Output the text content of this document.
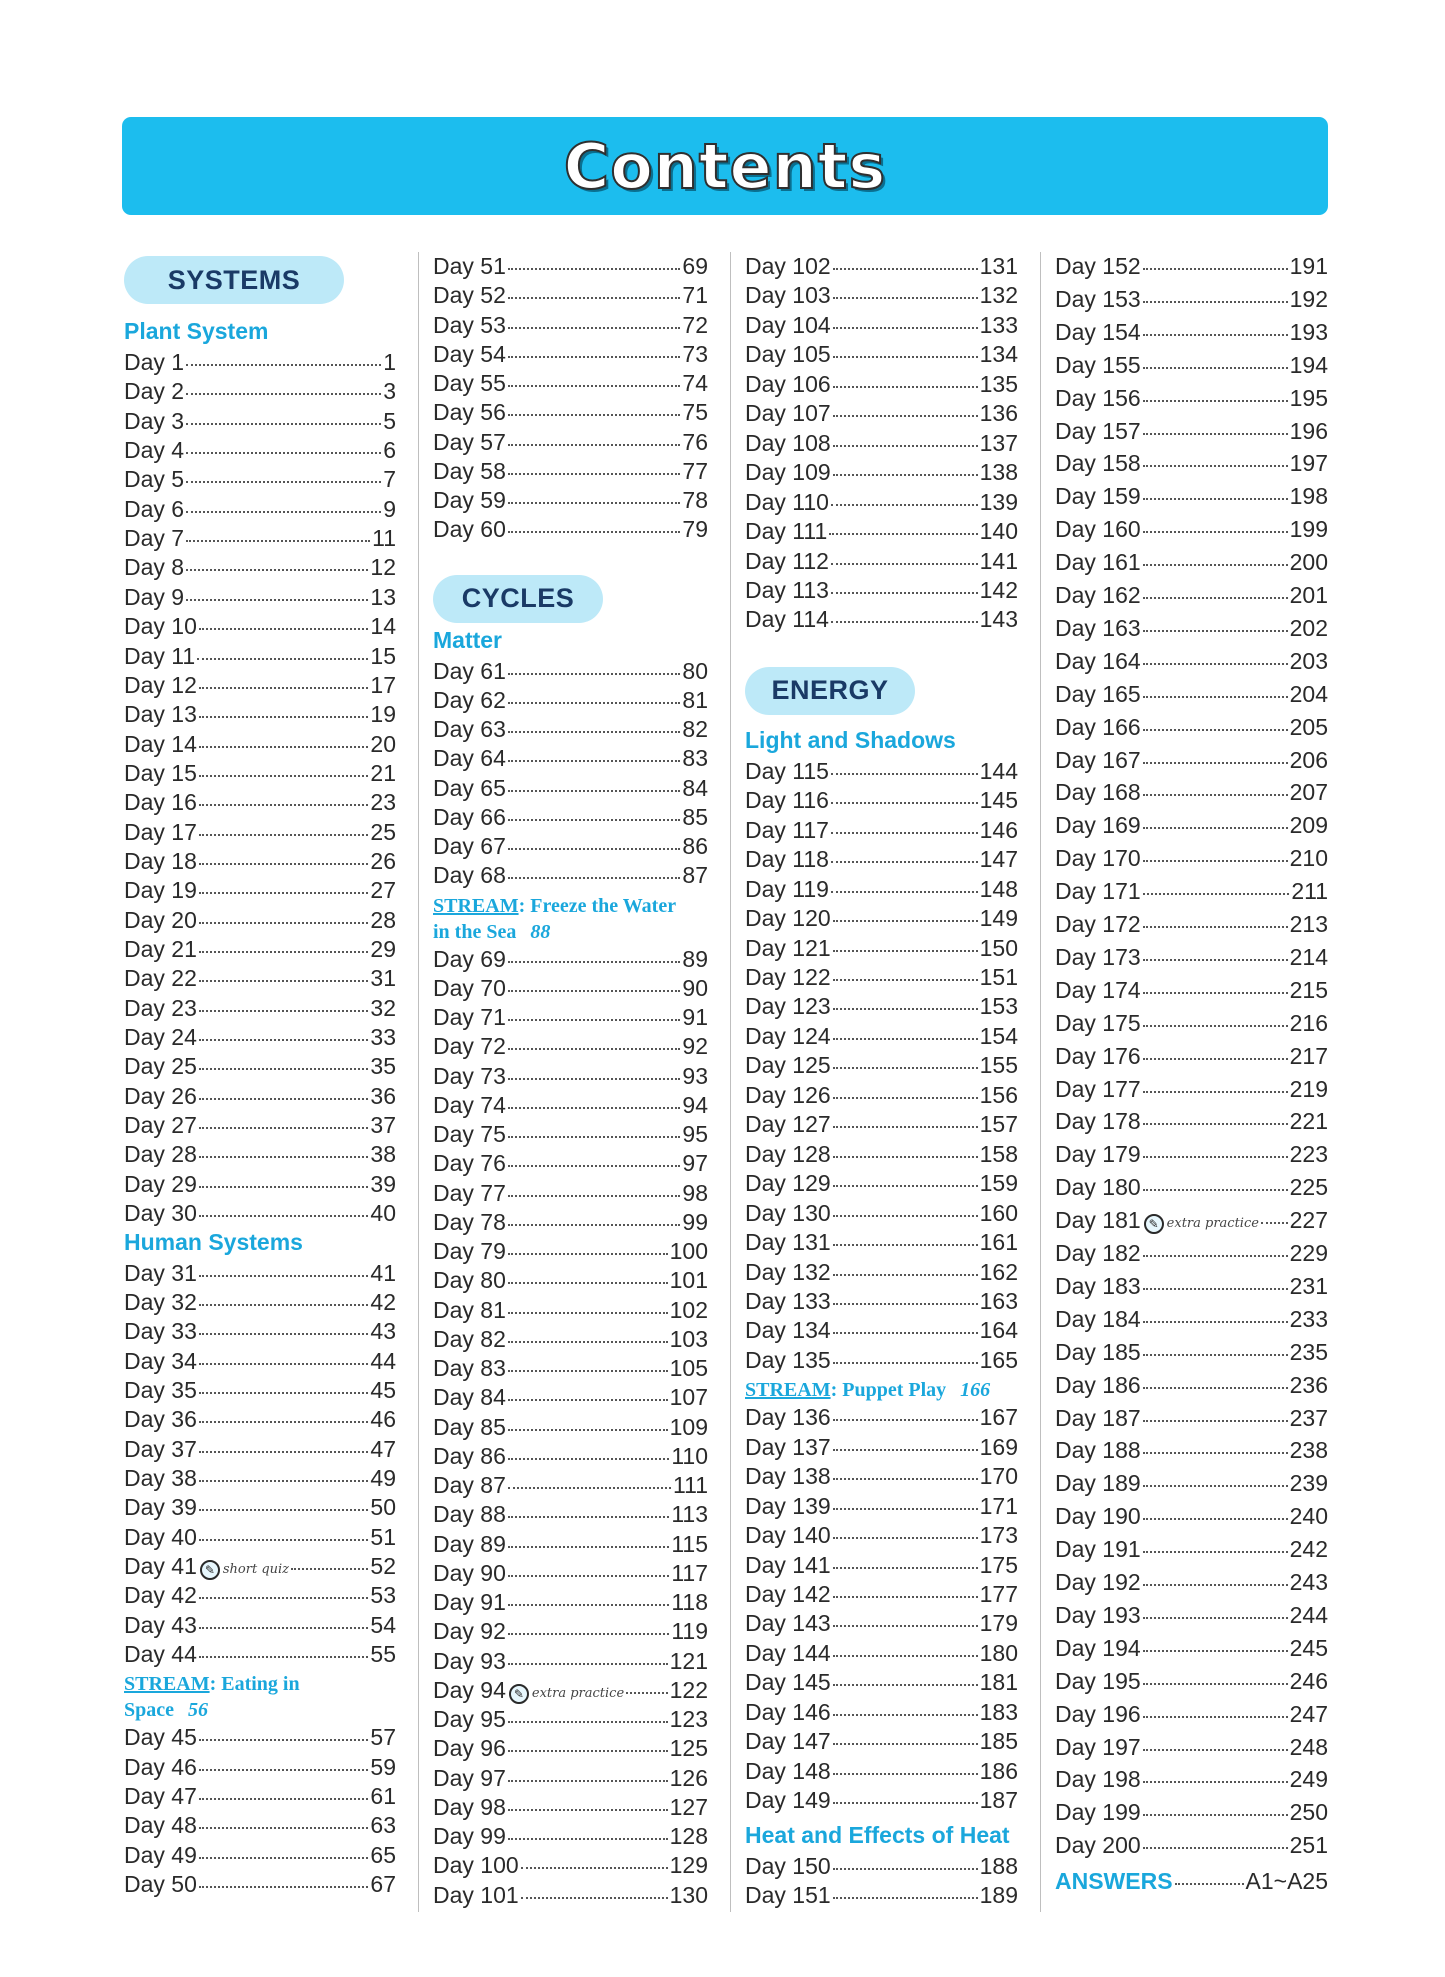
Contents
SYSTEMS
Plant System
Day 1	1
Day 2	3
Day 3	5
Day 4	6
Day 5	7
Day 6	9
Day 7	11
Day 8	12
Day 9	13
Day 10	14
Day 11	15
Day 12	17
Day 13	19
Day 14	20
Day 15	21
Day 16	23
Day 17	25
Day 18	26
Day 19	27
Day 20	28
Day 21	29
Day 22	31
Day 23	32
Day 24	33
Day 25	35
Day 26	36
Day 27	37
Day 28	38
Day 29	39
Day 30	40
Human Systems
Day 31	41
Day 32	42
Day 33	43
Day 34	44
Day 35	45
Day 36	46
Day 37	47
Day 38	49
Day 39	50
Day 40	51
Day 41 ✎ short quiz	52
Day 42	53
Day 43	54
Day 44	55
STREAM: Eating in
Space 56
Day 45	57
Day 46	59
Day 47	61
Day 48	63
Day 49	65
Day 50	67
Day 51	69
Day 52	71
Day 53	72
Day 54	73
Day 55	74
Day 56	75
Day 57	76
Day 58	77
Day 59	78
Day 60	79
CYCLES
Matter
Day 61	80
Day 62	81
Day 63	82
Day 64	83
Day 65	84
Day 66	85
Day 67	86
Day 68	87
STREAM: Freeze the Water
in the Sea 88
Day 69	89
Day 70	90
Day 71	91
Day 72	92
Day 73	93
Day 74	94
Day 75	95
Day 76	97
Day 77	98
Day 78	99
Day 79	100
Day 80	101
Day 81	102
Day 82	103
Day 83	105
Day 84	107
Day 85	109
Day 86	110
Day 87	111
Day 88	113
Day 89	115
Day 90	117
Day 91	118
Day 92	119
Day 93	121
Day 94 ✎ extra practice 122
Day 95	123
Day 96	125
Day 97	126
Day 98	127
Day 99	128
Day 100	129
Day 101	130
Day 102	131
Day 103	132
Day 104	133
Day 105	134
Day 106	135
Day 107	136
Day 108	137
Day 109	138
Day 110	139
Day 111	140
Day 112	141
Day 113	142
Day 114	143
ENERGY
Light and Shadows
Day 115	144
Day 116	145
Day 117	146
Day 118	147
Day 119	148
Day 120	149
Day 121	150
Day 122	151
Day 123	153
Day 124	154
Day 125	155
Day 126	156
Day 127	157
Day 128	158
Day 129	159
Day 130	160
Day 131	161
Day 132	162
Day 133	163
Day 134	164
Day 135	165
STREAM: Puppet Play 166
Day 136	167
Day 137	169
Day 138	170
Day 139	171
Day 140	173
Day 141	175
Day 142	177
Day 143	179
Day 144	180
Day 145	181
Day 146	183
Day 147	185
Day 148	186
Day 149	187
Heat and Effects of Heat
Day 150	188
Day 151	189
Day 152	191
Day 153	192
Day 154	193
Day 155	194
Day 156	195
Day 157	196
Day 158	197
Day 159	198
Day 160	199
Day 161	200
Day 162	201
Day 163	202
Day 164	203
Day 165	204
Day 166	205
Day 167	206
Day 168	207
Day 169	209
Day 170	210
Day 171	211
Day 172	213
Day 173	214
Day 174	215
Day 175	216
Day 176	217
Day 177	219
Day 178	221
Day 179	223
Day 180	225
Day 181 ✎ extra practice 227
Day 182	229
Day 183	231
Day 184	233
Day 185	235
Day 186	236
Day 187	237
Day 188	238
Day 189	239
Day 190	240
Day 191	242
Day 192	243
Day 193	244
Day 194	245
Day 195	246
Day 196	247
Day 197	248
Day 198	249
Day 199	250
Day 200	251
ANSWERS	A1~A25
